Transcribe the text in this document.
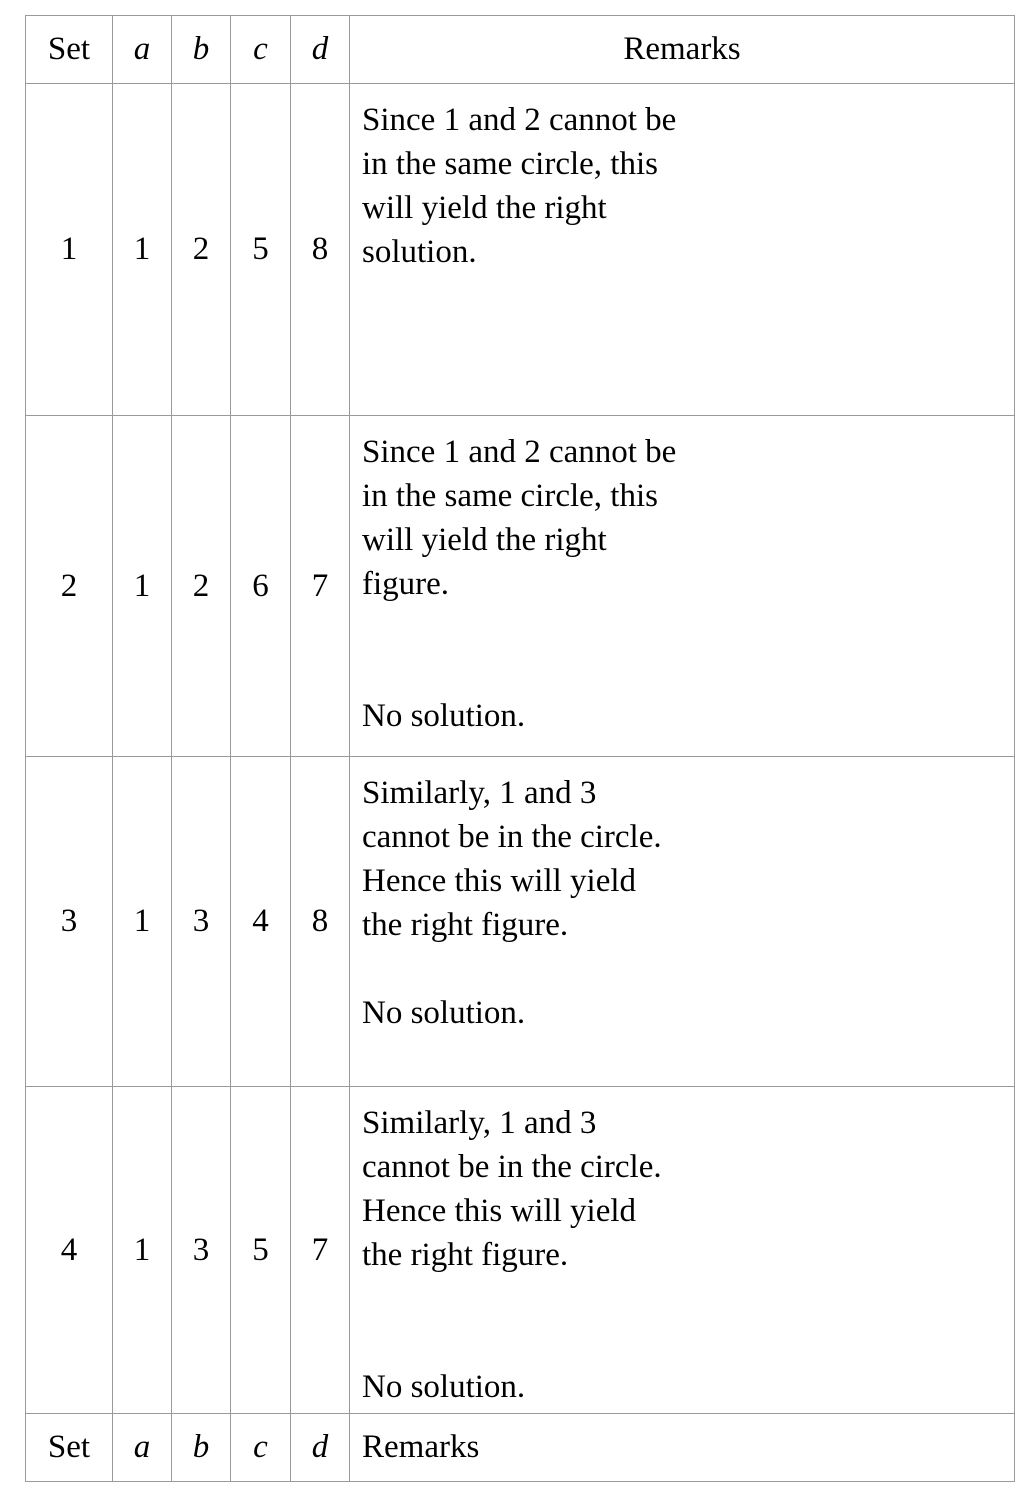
Set	a	b	c	d	Remarks
1	1	2	5	8	Since 1 and 2 cannot be
in the same circle, this
will yield the right
solution.

2	1	2	6	7	Since 1 and 2 cannot be
in the same circle, this
will yield the right
figure.
No solution.

3	1	3	4	8	Similarly, 1 and 3
cannot be in the circle.
Hence this will yield
the right figure.
No solution.

4	1	3	5	7	Similarly, 1 and 3
cannot be in the circle.
Hence this will yield
the right figure.
No solution.

Set	a	b	c	d	Remarks
